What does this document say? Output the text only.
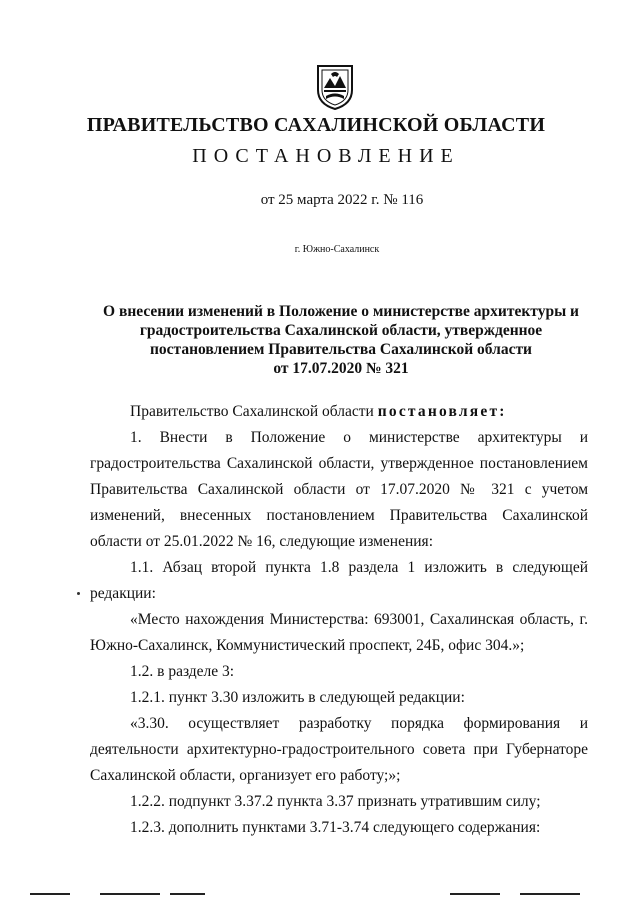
ПРАВИТЕЛЬСТВО САХАЛИНСКОЙ ОБЛАСТИ
ПОСТАНОВЛЕНИЕ
от 25 марта 2022 г. № 116
г. Южно-Сахалинск
О внесении изменений в Положение о министерстве архитектуры и
градостроительства Сахалинской области, утвержденное
постановлением Правительства Сахалинской области
от 17.07.2020 № 321

Правительство Сахалинской области постановляет:

1. Внести в Положение о министерстве архитектуры и градостроительства Сахалинской области, утвержденное постановлением Правительства Сахалинской области от 17.07.2020 № 321 с учетом изменений, внесенных постановлением Правительства Сахалинской области от 25.01.2022 № 16, следующие изменения:

1.1. Абзац второй пункта 1.8 раздела 1 изложить в следующей редакции:

«Место нахождения Министерства: 693001, Сахалинская область, г. Южно-Сахалинск, Коммунистический проспект, 24Б, офис 304.»;

1.2. в разделе 3:

1.2.1. пункт 3.30 изложить в следующей редакции:

«3.30. осуществляет разработку порядка формирования и деятельности архитектурно-градостроительного совета при Губернаторе Сахалинской области, организует его работу;»;

1.2.2. подпункт 3.37.2 пункта 3.37 признать утратившим силу;

1.2.3. дополнить пунктами 3.71-3.74 следующего содержания:
